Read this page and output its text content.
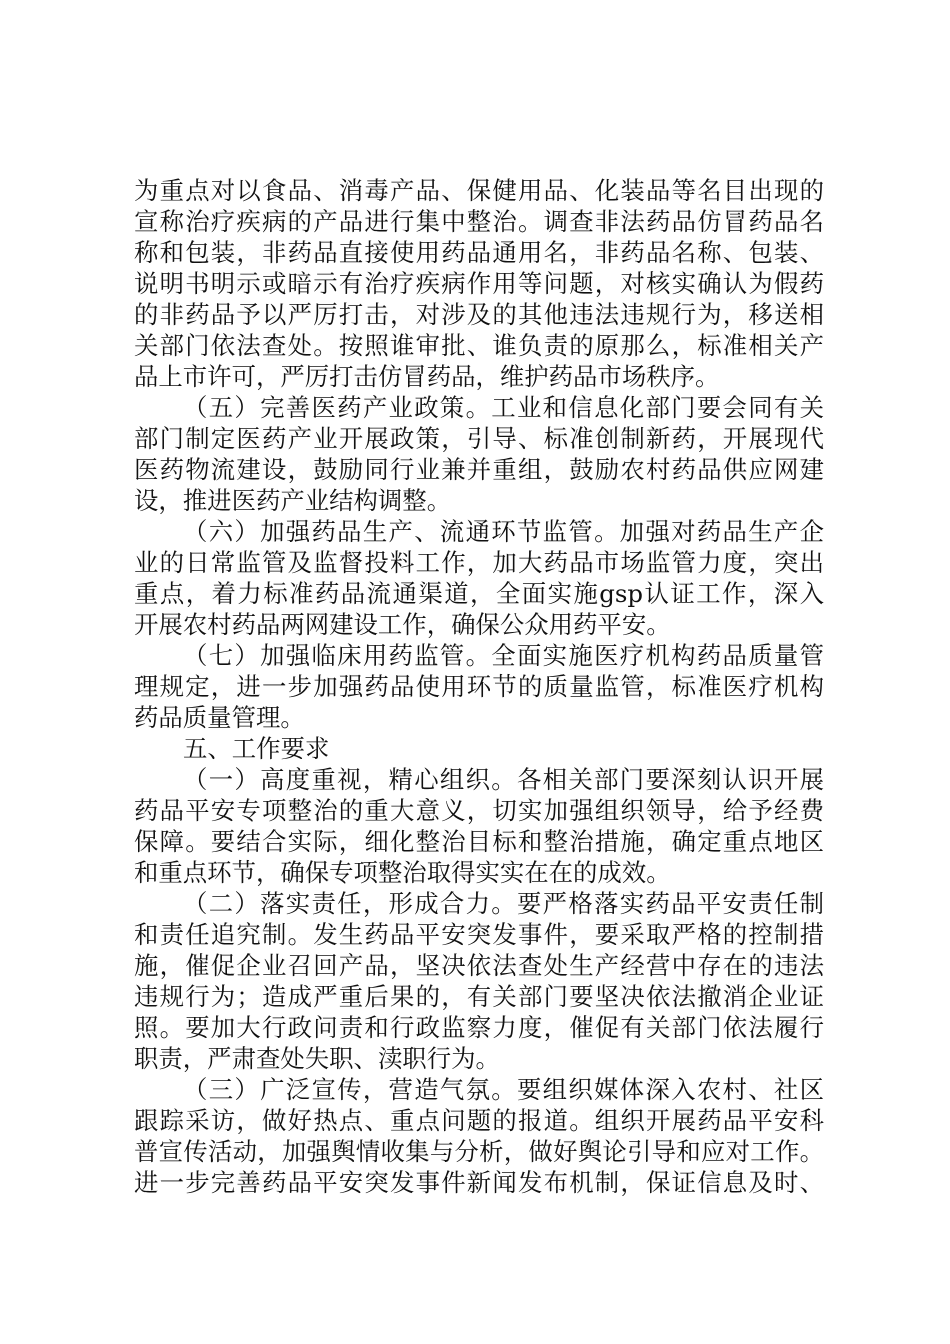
为重点对以食品、消毒产品、保健用品、化装品等名目出现的
宣称治疗疾病的产品进行集中整治。调查非法药品仿冒药品名
称和包装，非药品直接使用药品通用名，非药品名称、包装、
说明书明示或暗示有治疗疾病作用等问题，对核实确认为假药
的非药品予以严厉打击，对涉及的其他违法违规行为，移送相
关部门依法查处。按照谁审批、谁负责的原那么，标准相关产
品上市许可，严厉打击仿冒药品，维护药品市场秩序。
（五）完善医药产业政策。工业和信息化部门要会同有关
部门制定医药产业开展政策，引导、标准创制新药，开展现代
医药物流建设，鼓励同行业兼并重组，鼓励农村药品供应网建
设，推进医药产业结构调整。
（六）加强药品生产、流通环节监管。加强对药品生产企
业的日常监管及监督投料工作，加大药品市场监管力度，突出
重点，着力标准药品流通渠道，全面实施gsp认证工作，深入
开展农村药品两网建设工作，确保公众用药平安。
（七）加强临床用药监管。全面实施医疗机构药品质量管
理规定，进一步加强药品使用环节的质量监管，标准医疗机构
药品质量管理。
五、工作要求
（一）高度重视，精心组织。各相关部门要深刻认识开展
药品平安专项整治的重大意义，切实加强组织领导，给予经费
保障。要结合实际，细化整治目标和整治措施，确定重点地区
和重点环节，确保专项整治取得实实在在的成效。
（二）落实责任，形成合力。要严格落实药品平安责任制
和责任追究制。发生药品平安突发事件，要采取严格的控制措
施，催促企业召回产品，坚决依法查处生产经营中存在的违法
违规行为；造成严重后果的，有关部门要坚决依法撤消企业证
照。要加大行政问责和行政监察力度，催促有关部门依法履行
职责，严肃查处失职、渎职行为。
（三）广泛宣传，营造气氛。要组织媒体深入农村、社区
跟踪采访，做好热点、重点问题的报道。组织开展药品平安科
普宣传活动，加强舆情收集与分析，做好舆论引导和应对工作。
进一步完善药品平安突发事件新闻发布机制，保证信息及时、
